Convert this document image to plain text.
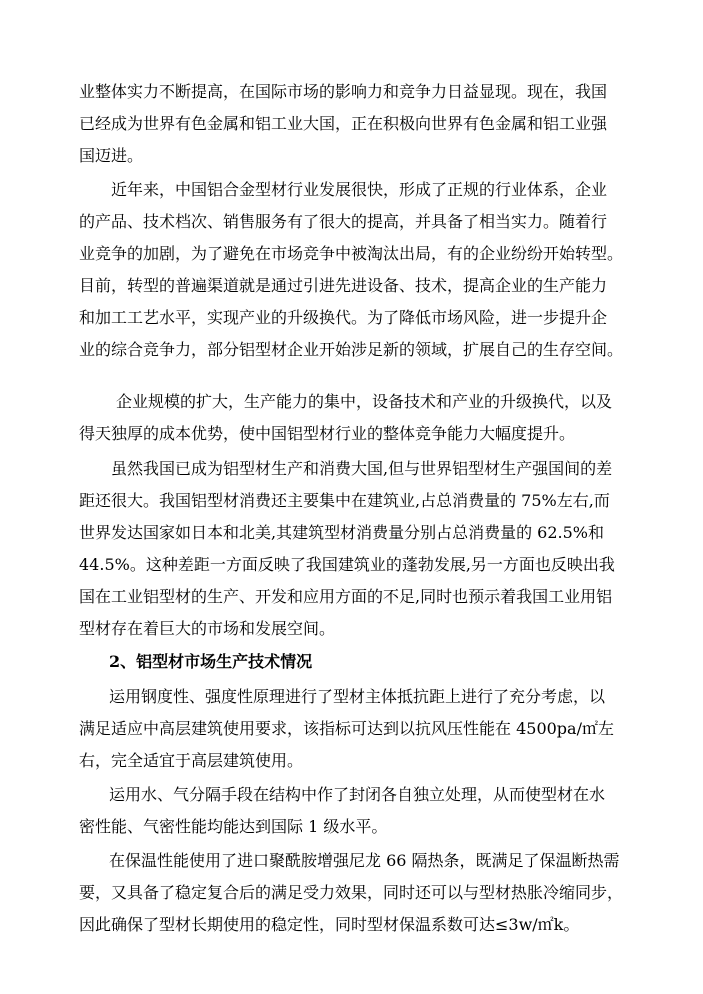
业整体实力不断提高，在国际市场的影响力和竞争力日益显现。现在，我国
已经成为世界有色金属和铝工业大国，正在积极向世界有色金属和铝工业强
国迈进。
近年来，中国铝合金型材行业发展很快，形成了正规的行业体系，企业
的产品、技术档次、销售服务有了很大的提高，并具备了相当实力。随着行
业竞争的加剧，为了避免在市场竞争中被淘汰出局，有的企业纷纷开始转型。
目前，转型的普遍渠道就是通过引进先进设备、技术，提高企业的生产能力
和加工工艺水平，实现产业的升级换代。为了降低市场风险，进一步提升企
业的综合竞争力，部分铝型材企业开始涉足新的领域，扩展自己的生存空间。
企业规模的扩大，生产能力的集中，设备技术和产业的升级换代，以及
得天独厚的成本优势，使中国铝型材行业的整体竞争能力大幅度提升。
虽然我国已成为铝型材生产和消费大国,但与世界铝型材生产强国间的差
距还很大。我国铝型材消费还主要集中在建筑业,占总消费量的 75%左右,而
世界发达国家如日本和北美,其建筑型材消费量分别占总消费量的 62.5%和
44.5%。这种差距一方面反映了我国建筑业的蓬勃发展,另一方面也反映出我
国在工业铝型材的生产、开发和应用方面的不足,同时也预示着我国工业用铝
型材存在着巨大的市场和发展空间。
2、铝型材市场生产技术情况
运用钢度性、强度性原理进行了型材主体抵抗距上进行了充分考虑，以
满足适应中高层建筑使用要求，该指标可达到以抗风压性能在 4500pa/㎡左
右，完全适宜于高层建筑使用。
运用水、气分隔手段在结构中作了封闭各自独立处理，从而使型材在水
密性能、气密性能均能达到国际 1 级水平。
在保温性能使用了进口聚酰胺增强尼龙 66 隔热条，既满足了保温断热需
要，又具备了稳定复合后的满足受力效果，同时还可以与型材热胀冷缩同步，
因此确保了型材长期使用的稳定性，同时型材保温系数可达≤3w/㎡k。
